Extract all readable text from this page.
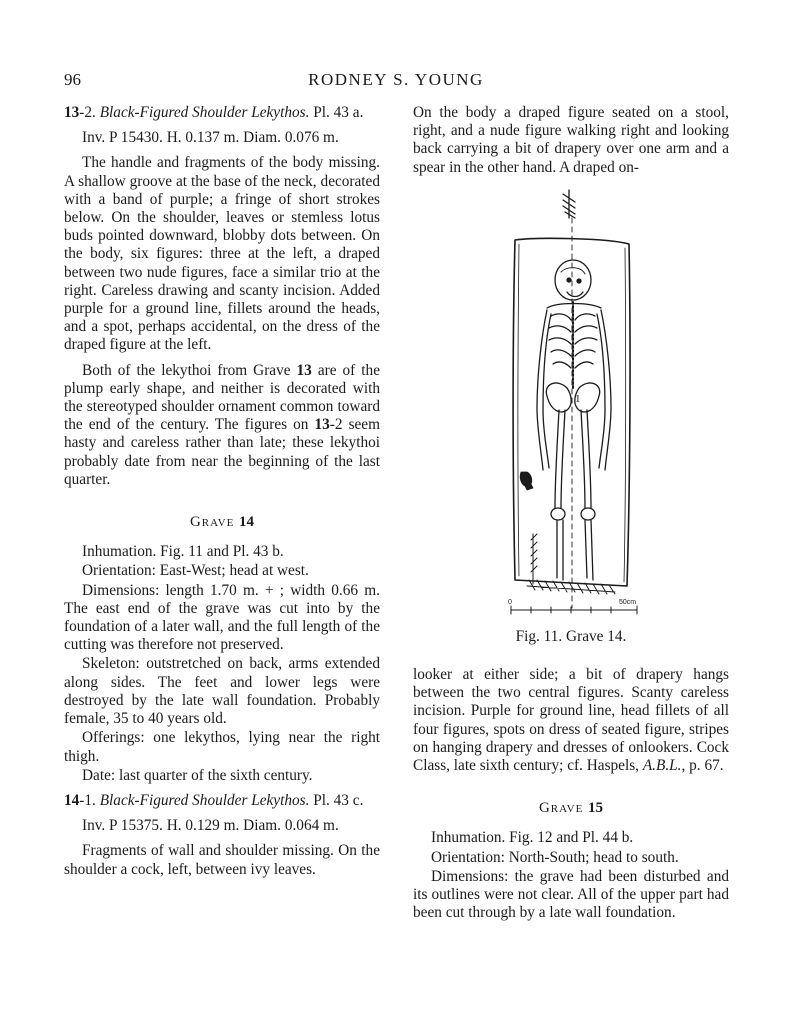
96	RODNEY S. YOUNG

13-2. Black-Figured Shoulder Lekythos. Pl. 43 a.

Inv. P 15430. H. 0.137 m. Diam. 0.076 m.

The handle and fragments of the body missing. A shallow groove at the base of the neck, decorated with a band of purple; a fringe of short strokes below. On the shoulder, leaves or stemless lotus buds pointed downward, blobby dots between. On the body, six figures: three at the left, a draped between two nude figures, face a similar trio at the right. Careless drawing and scanty incision. Added purple for a ground line, fillets around the heads, and a spot, perhaps accidental, on the dress of the draped figure at the left.

Both of the lekythoi from Grave 13 are of the plump early shape, and neither is decorated with the stereotyped shoulder ornament common toward the end of the century. The figures on 13-2 seem hasty and careless rather than late; these lekythoi probably date from near the beginning of the last quarter.

Grave 14

Inhumation. Fig. 11 and Pl. 43 b.

Orientation: East-West; head at west.

Dimensions: length 1.70 m. + ; width 0.66 m. The east end of the grave was cut into by the foundation of a later wall, and the full length of the cutting was therefore not preserved.

Skeleton: outstretched on back, arms extended along sides. The feet and lower legs were destroyed by the late wall foundation. Probably female, 35 to 40 years old.

Offerings: one lekythos, lying near the right thigh.

Date: last quarter of the sixth century.

14-1. Black-Figured Shoulder Lekythos. Pl. 43 c.

Inv. P 15375. H. 0.129 m. Diam. 0.064 m.

Fragments of wall and shoulder missing. On the shoulder a cock, left, between ivy leaves.

On the body a draped figure seated on a stool, right, and a nude figure walking right and looking back carrying a bit of drapery over one arm and a spear in the other hand. A draped on-

1
0	50cm
Fig. 11. Grave 14.

looker at either side; a bit of drapery hangs between the two central figures. Scanty careless incision. Purple for ground line, head fillets of all four figures, spots on dress of seated figure, stripes on hanging drapery and dresses of onlookers. Cock Class, late sixth century; cf. Haspels, A.B.L., p. 67.

Grave 15

Inhumation. Fig. 12 and Pl. 44 b.

Orientation: North-South; head to south.

Dimensions: the grave had been disturbed and its outlines were not clear. All of the upper part had been cut through by a late wall foundation.
